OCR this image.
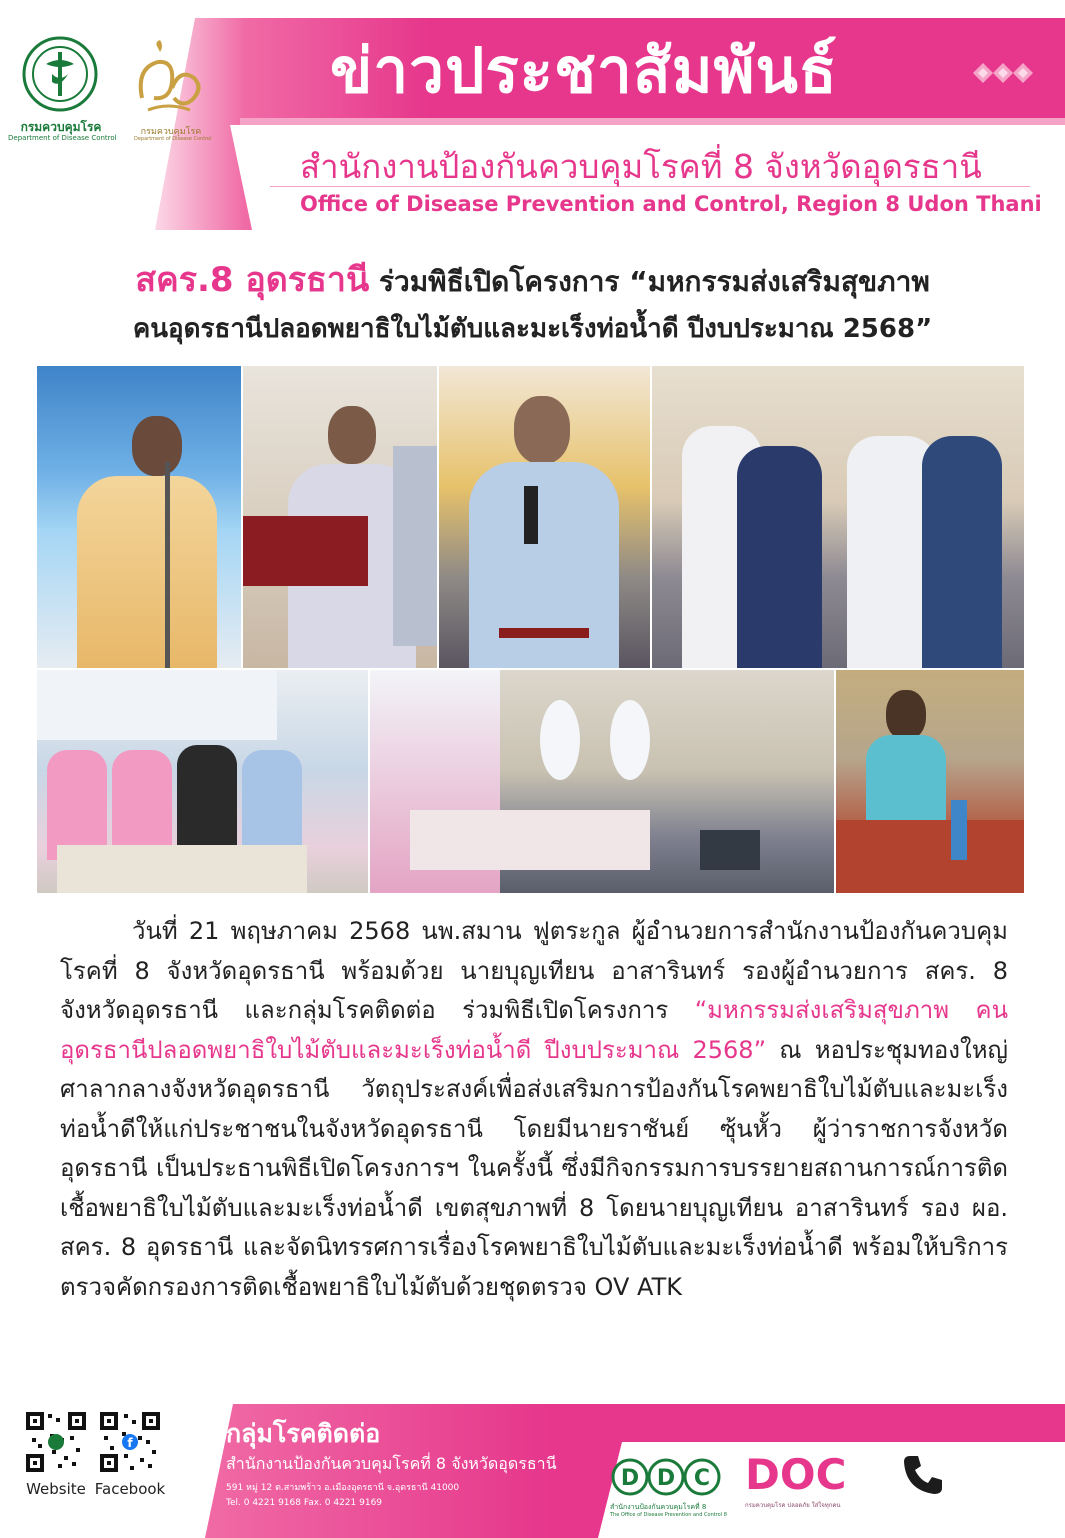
ข่าวประชาสัมพันธ์
สำนักงานป้องกันควบคุมโรคที่ 8 จังหวัดอุดรธานี
Office of Disease Prevention and Control, Region 8 Udon Thani
กรมควบคุมโรค
Department of Disease Control
กรมควบคุมโรค
Department of Disease Control
สคร.8 อุดรธานี ร่วมพิธีเปิดโครงการ “มหกรรมส่งเสริมสุขภาพ
คนอุดรธานีปลอดพยาธิใบไม้ตับและมะเร็งท่อน้ำดี ปีงบประมาณ 2568”

วันที่ 21 พฤษภาคม 2568 นพ.สมาน ฟูตระกูล ผู้อำนวยการสำนักงานป้องกันควบคุมโรคที่ 8 จังหวัดอุดรธานี พร้อมด้วย นายบุญเทียน อาสารินทร์ รองผู้อำนวยการ สคร. 8 จังหวัดอุดรธานี และกลุ่มโรคติดต่อ ร่วมพิธีเปิดโครงการ “มหกรรมส่งเสริมสุขภาพ คนอุดรธานีปลอดพยาธิใบไม้ตับและมะเร็งท่อน้ำดี ปีงบประมาณ 2568” ณ หอประชุมทองใหญ่ ศาลากลางจังหวัดอุดรธานี วัตถุประสงค์เพื่อส่งเสริมการป้องกันโรคพยาธิใบไม้ตับและมะเร็งท่อน้ำดีให้แก่ประชาชนในจังหวัดอุดรธานี โดยมีนายราชันย์ ซุ้นหั้ว ผู้ว่าราชการจังหวัดอุดรธานี เป็นประธานพิธีเปิดโครงการฯ ในครั้งนี้ ซึ่งมีกิจกรรมการบรรยายสถานการณ์การติดเชื้อพยาธิใบไม้ตับและมะเร็งท่อน้ำดี เขตสุขภาพที่ 8 โดยนายบุญเทียน อาสารินทร์ รอง ผอ. สคร. 8 อุดรธานี และจัดนิทรรศการเรื่องโรคพยาธิใบไม้ตับและมะเร็งท่อน้ำดี พร้อมให้บริการตรวจคัดกรองการติดเชื้อพยาธิใบไม้ตับด้วยชุดตรวจ OV ATK

Website
f
Facebook
กลุ่มโรคติดต่อ
สำนักงานป้องกันควบคุมโรคที่ 8 จังหวัดอุดรธานี
591 หมู่ 12 ต.สามพร้าว อ.เมืองอุดรธานี จ.อุดรธานี 41000
Tel. 0 4221 9168 Fax. 0 4221 9169
D D C
สำนักงานป้องกันควบคุมโรคที่ 8
The Office of Disease Prevention and Control 8
DOC
กรมควบคุมโรค ปลอดภัย ใส่ใจทุกคน
สายด่วน
กรมควบคุมโรค
1422
